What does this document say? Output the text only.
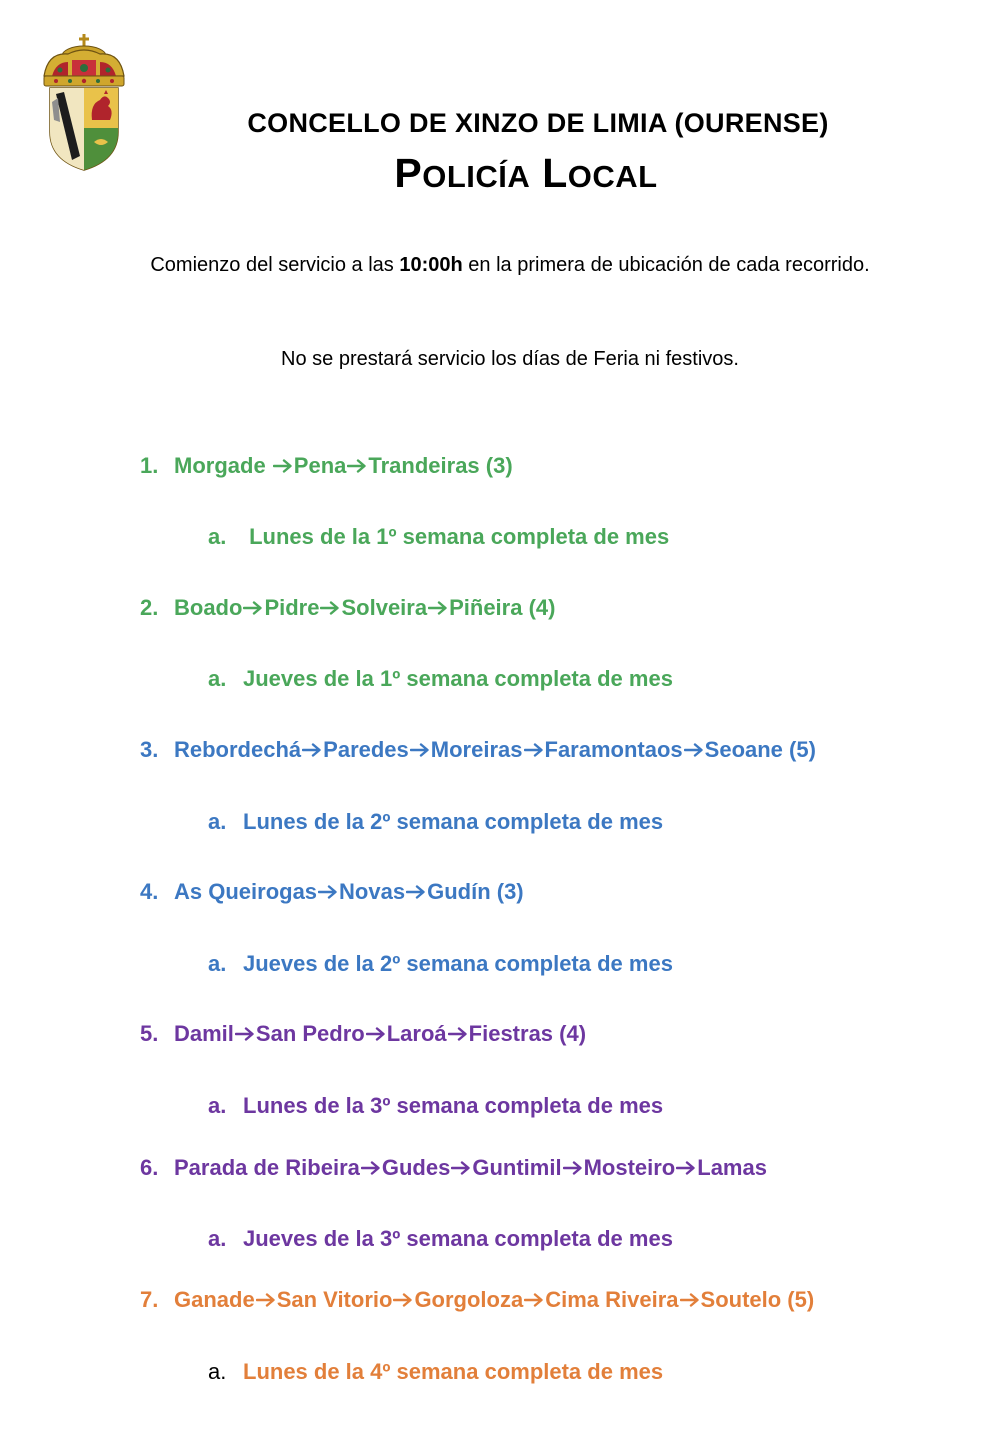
CONCELLO DE XINZO DE LIMIA (OURENSE)
POLICÍA LOCAL
Comienzo del servicio a las 10:00h en la primera de ubicación de cada recorrido.
No se prestará servicio los días de Feria ni festivos.
1. Morgade Pena Trandeiras (3)
a. Lunes de la 1º semana completa de mes
2. Boado Pidre Solveira Piñeira (4)
a. Jueves de la 1º semana completa de mes
3. Rebordechá Paredes Moreiras Faramontaos Seoane (5)
a. Lunes de la 2º semana completa de mes
4. As Queirogas Novas Gudín (3)
a. Jueves de la 2º semana completa de mes
5. Damil San Pedro Laroá Fiestras (4)
a. Lunes de la 3º semana completa de mes
6. Parada de Ribeira Gudes Guntimil Mosteiro Lamas
a. Jueves de la 3º semana completa de mes
7. Ganade San Vitorio Gorgoloza Cima Riveira Soutelo (5)
a. Lunes de la 4º semana completa de mes
